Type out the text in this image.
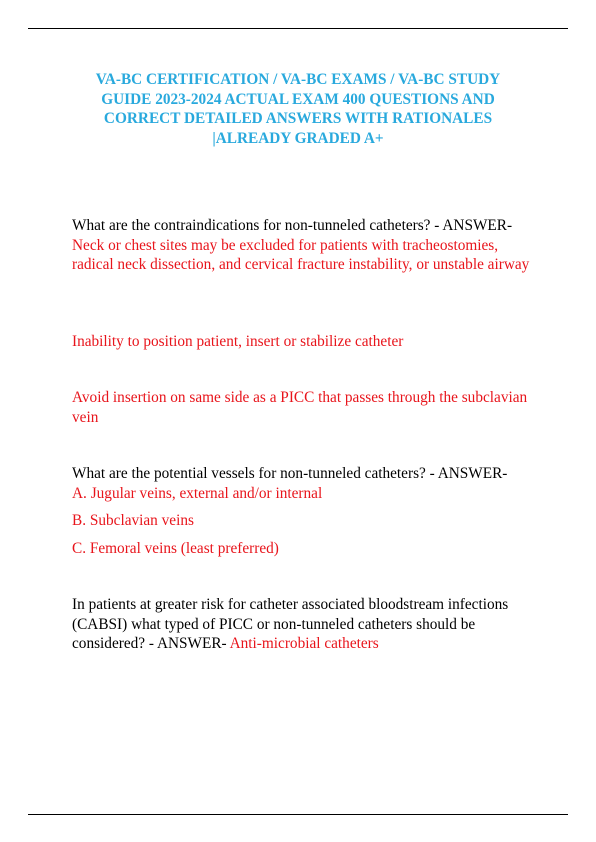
VA-BC CERTIFICATION / VA-BC EXAMS / VA-BC STUDY GUIDE 2023-2024 ACTUAL EXAM 400 QUESTIONS AND CORRECT DETAILED ANSWERS WITH RATIONALES |ALREADY GRADED A+
What are the contraindications for non-tunneled catheters? - ANSWER-
Neck or chest sites may be excluded for patients with tracheostomies, radical neck dissection, and cervical fracture instability, or unstable airway
Inability to position patient, insert or stabilize catheter
Avoid insertion on same side as a PICC that passes through the subclavian vein
What are the potential vessels for non-tunneled catheters? - ANSWER-
A. Jugular veins, external and/or internal
B. Subclavian veins
C. Femoral veins (least preferred)
In patients at greater risk for catheter associated bloodstream infections (CABSI) what typed of PICC or non-tunneled catheters should be considered? - ANSWER- Anti-microbial catheters
